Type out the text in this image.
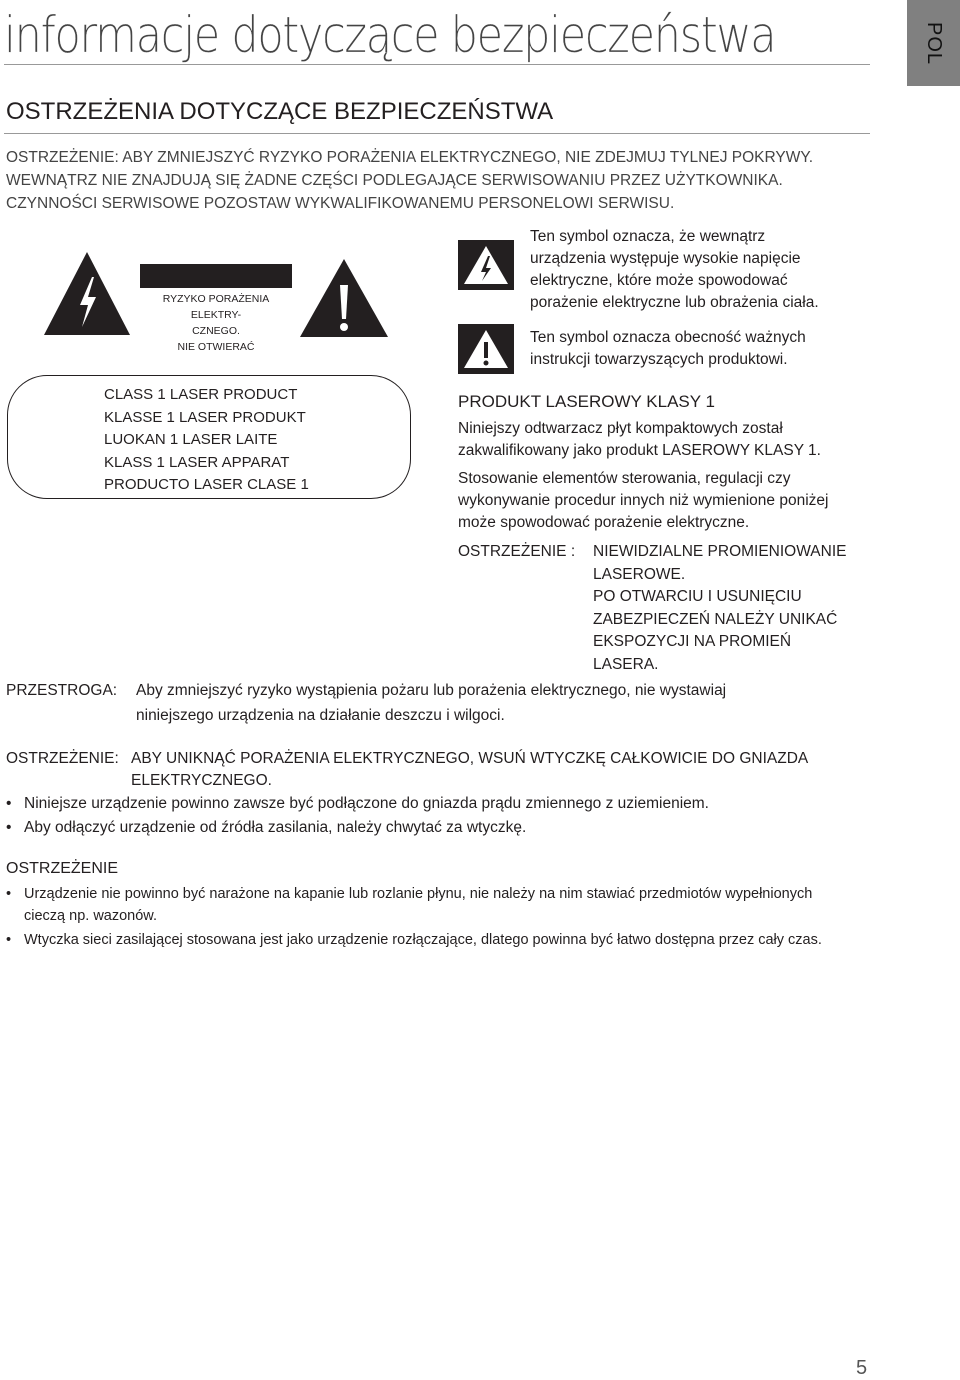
informacje dotyczące bezpieczeństwa	POL
OSTRZEŻENIA DOTYCZĄCE BEZPIECZEŃSTWA
OSTRZEŻENIE: ABY ZMNIEJSZYĆ RYZYKO PORAŻENIA ELEKTRYCZNEGO, NIE ZDEJMUJ TYLNEJ POKRYWY.
WEWNĄTRZ NIE ZNAJDUJĄ SIĘ ŻADNE CZĘŚCI PODLEGAJĄCE SERWISOWANIU PRZEZ UŻYTKOWNIKA.
CZYNNOŚCI SERWISOWE POZOSTAW WYKWALIFIKOWANEMU PERSONELOWI SERWISU.
RYZYKO PORAŻENIA ELEKTRY-
CZNEGO.
NIE OTWIERAĆ
CLASS 1 LASER PRODUCT
KLASSE 1 LASER PRODUKT
LUOKAN 1 LASER LAITE
KLASS 1 LASER APPARAT
PRODUCTO LASER CLASE 1
Ten symbol oznacza, że wewnątrz
urządzenia występuje wysokie napięcie
elektryczne, które może spowodować
porażenie elektryczne lub obrażenia ciała.
Ten symbol oznacza obecność ważnych
instrukcji towarzyszących produktowi.
PRODUKT LASEROWY KLASY 1
Niniejszy odtwarzacz płyt kompaktowych został
zakwalifikowany jako produkt LASEROWY KLASY 1.
Stosowanie elementów sterowania, regulacji czy
wykonywanie procedur innych niż wymienione poniżej
może spowodować porażenie elektryczne.
OSTRZEŻENIE : NIEWIDZIALNE PROMIENIOWANIE
LASEROWE.
PO OTWARCIU I USUNIĘCIU
ZABEZPIECZEŃ NALEŻY UNIKAĆ
EKSPOZYCJI NA PROMIEŃ
LASERA.
PRZESTROGA: Aby zmniejszyć ryzyko wystąpienia pożaru lub porażenia elektrycznego, nie wystawiaj
niniejszego urządzenia na działanie deszczu i wilgoci.
OSTRZEŻENIE: ABY UNIKNĄĆ PORAŻENIA ELEKTRYCZNEGO, WSUŃ WTYCZKĘ CAŁKOWICIE DO GNIAZDA
ELEKTRYCZNEGO.
• Niniejsze urządzenie powinno zawsze być podłączone do gniazda prądu zmiennego z uziemieniem.
• Aby odłączyć urządzenie od źródła zasilania, należy chwytać za wtyczkę.
OSTRZEŻENIE
• Urządzenie nie powinno być narażone na kapanie lub rozlanie płynu, nie należy na nim stawiać przedmiotów wypełnionych
cieczą np. wazonów.
• Wtyczka sieci zasilającej stosowana jest jako urządzenie rozłączające, dlatego powinna być łatwo dostępna przez cały czas.
5
